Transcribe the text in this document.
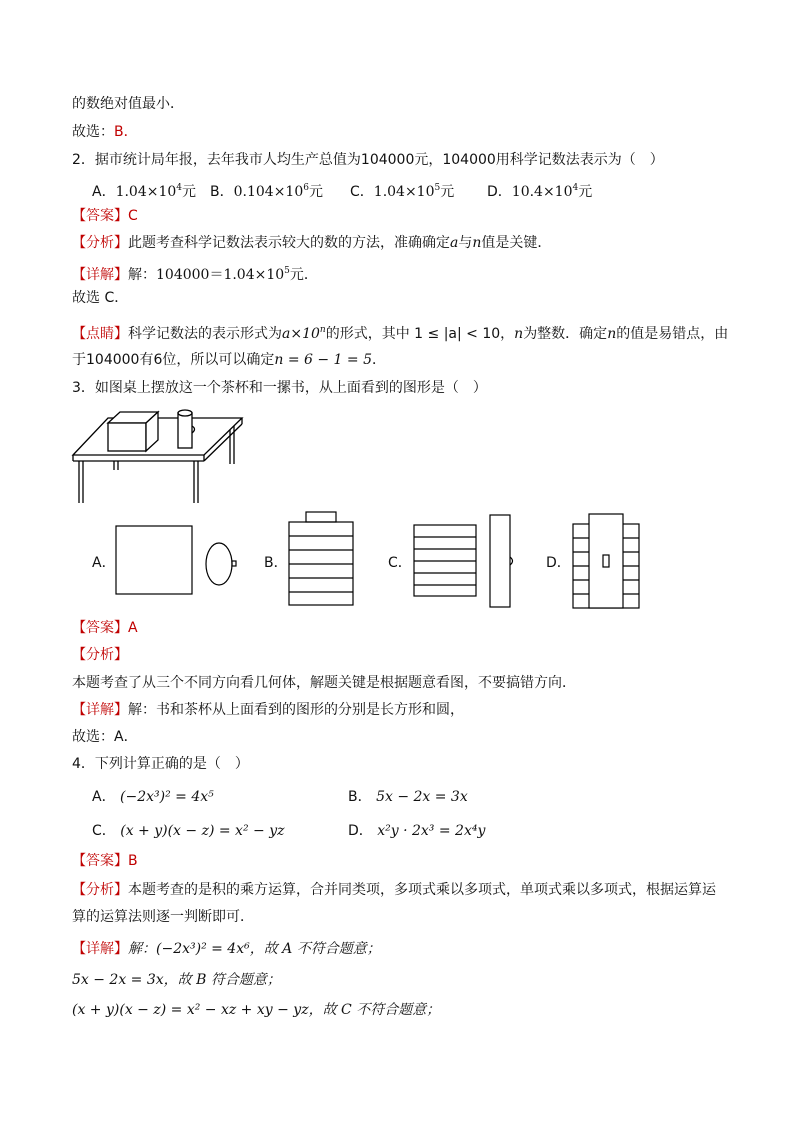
的数绝对值最小．
故选：B．
2．据市统计局年报，去年我市人均生产总值为104000元，104000用科学记数法表示为（　）
A．$1.04\times 10^4$元 B．$0.104\times 10^6$元 C．$1.04\times 10^5$元 D．$10.4\times 10^4$元
【答案】C
【分析】此题考查科学记数法表示较大的数的方法，准确确定a与n值是关键．
【详解】解：$104000=1.04\times 10^5$元．
故选 C．
【点睛】科学记数法的表示形式为$a\times 10^n$的形式，其中 1 ≤ |a| < 10，n为整数．确定n的值是易错点，由
于104000有6位，所以可以确定n = 6 − 1 = 5．
3．如图桌上摆放这一个茶杯和一摞书，从上面看到的图形是（　）
A．	B．	C．	D．
【答案】A
【分析】
本题考查了从三个不同方向看几何体，解题关键是根据题意看图，不要搞错方向．
【详解】解：书和茶杯从上面看到的图形的分别是长方形和圆，
故选：A．
4．下列计算正确的是（　）
A． (−2x³)² = 4x⁵	B． 5x − 2x = 3x
C． (x + y)(x − z) = x² − yz	D． x²y · 2x³ = 2x⁴y
【答案】B
【分析】本题考查的是积的乘方运算，合并同类项，多项式乘以多项式，单项式乘以多项式，根据运算运
算的运算法则逐一判断即可．
【详解】解：(−2x³)² = 4x⁶，故 A 不符合题意；
5x − 2x = 3x，故 B 符合题意；
(x + y)(x − z) = x² − xz + xy − yz，故 C 不符合题意；
